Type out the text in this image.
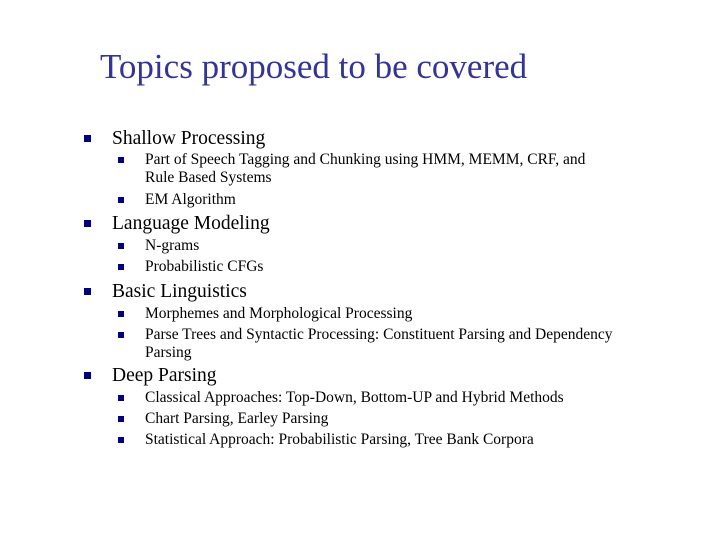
Topics proposed to be covered

Shallow Processing

Part of Speech Tagging and Chunking using HMM, MEMM, CRF, and

Rule Based Systems

EM Algorithm

Language Modeling

N-grams

Probabilistic CFGs

Basic Linguistics

Morphemes and Morphological Processing

Parse Trees and Syntactic Processing: Constituent Parsing and Dependency

Parsing

Deep Parsing

Classical Approaches: Top-Down, Bottom-UP and Hybrid Methods

Chart Parsing, Earley Parsing

Statistical Approach: Probabilistic Parsing, Tree Bank Corpora
